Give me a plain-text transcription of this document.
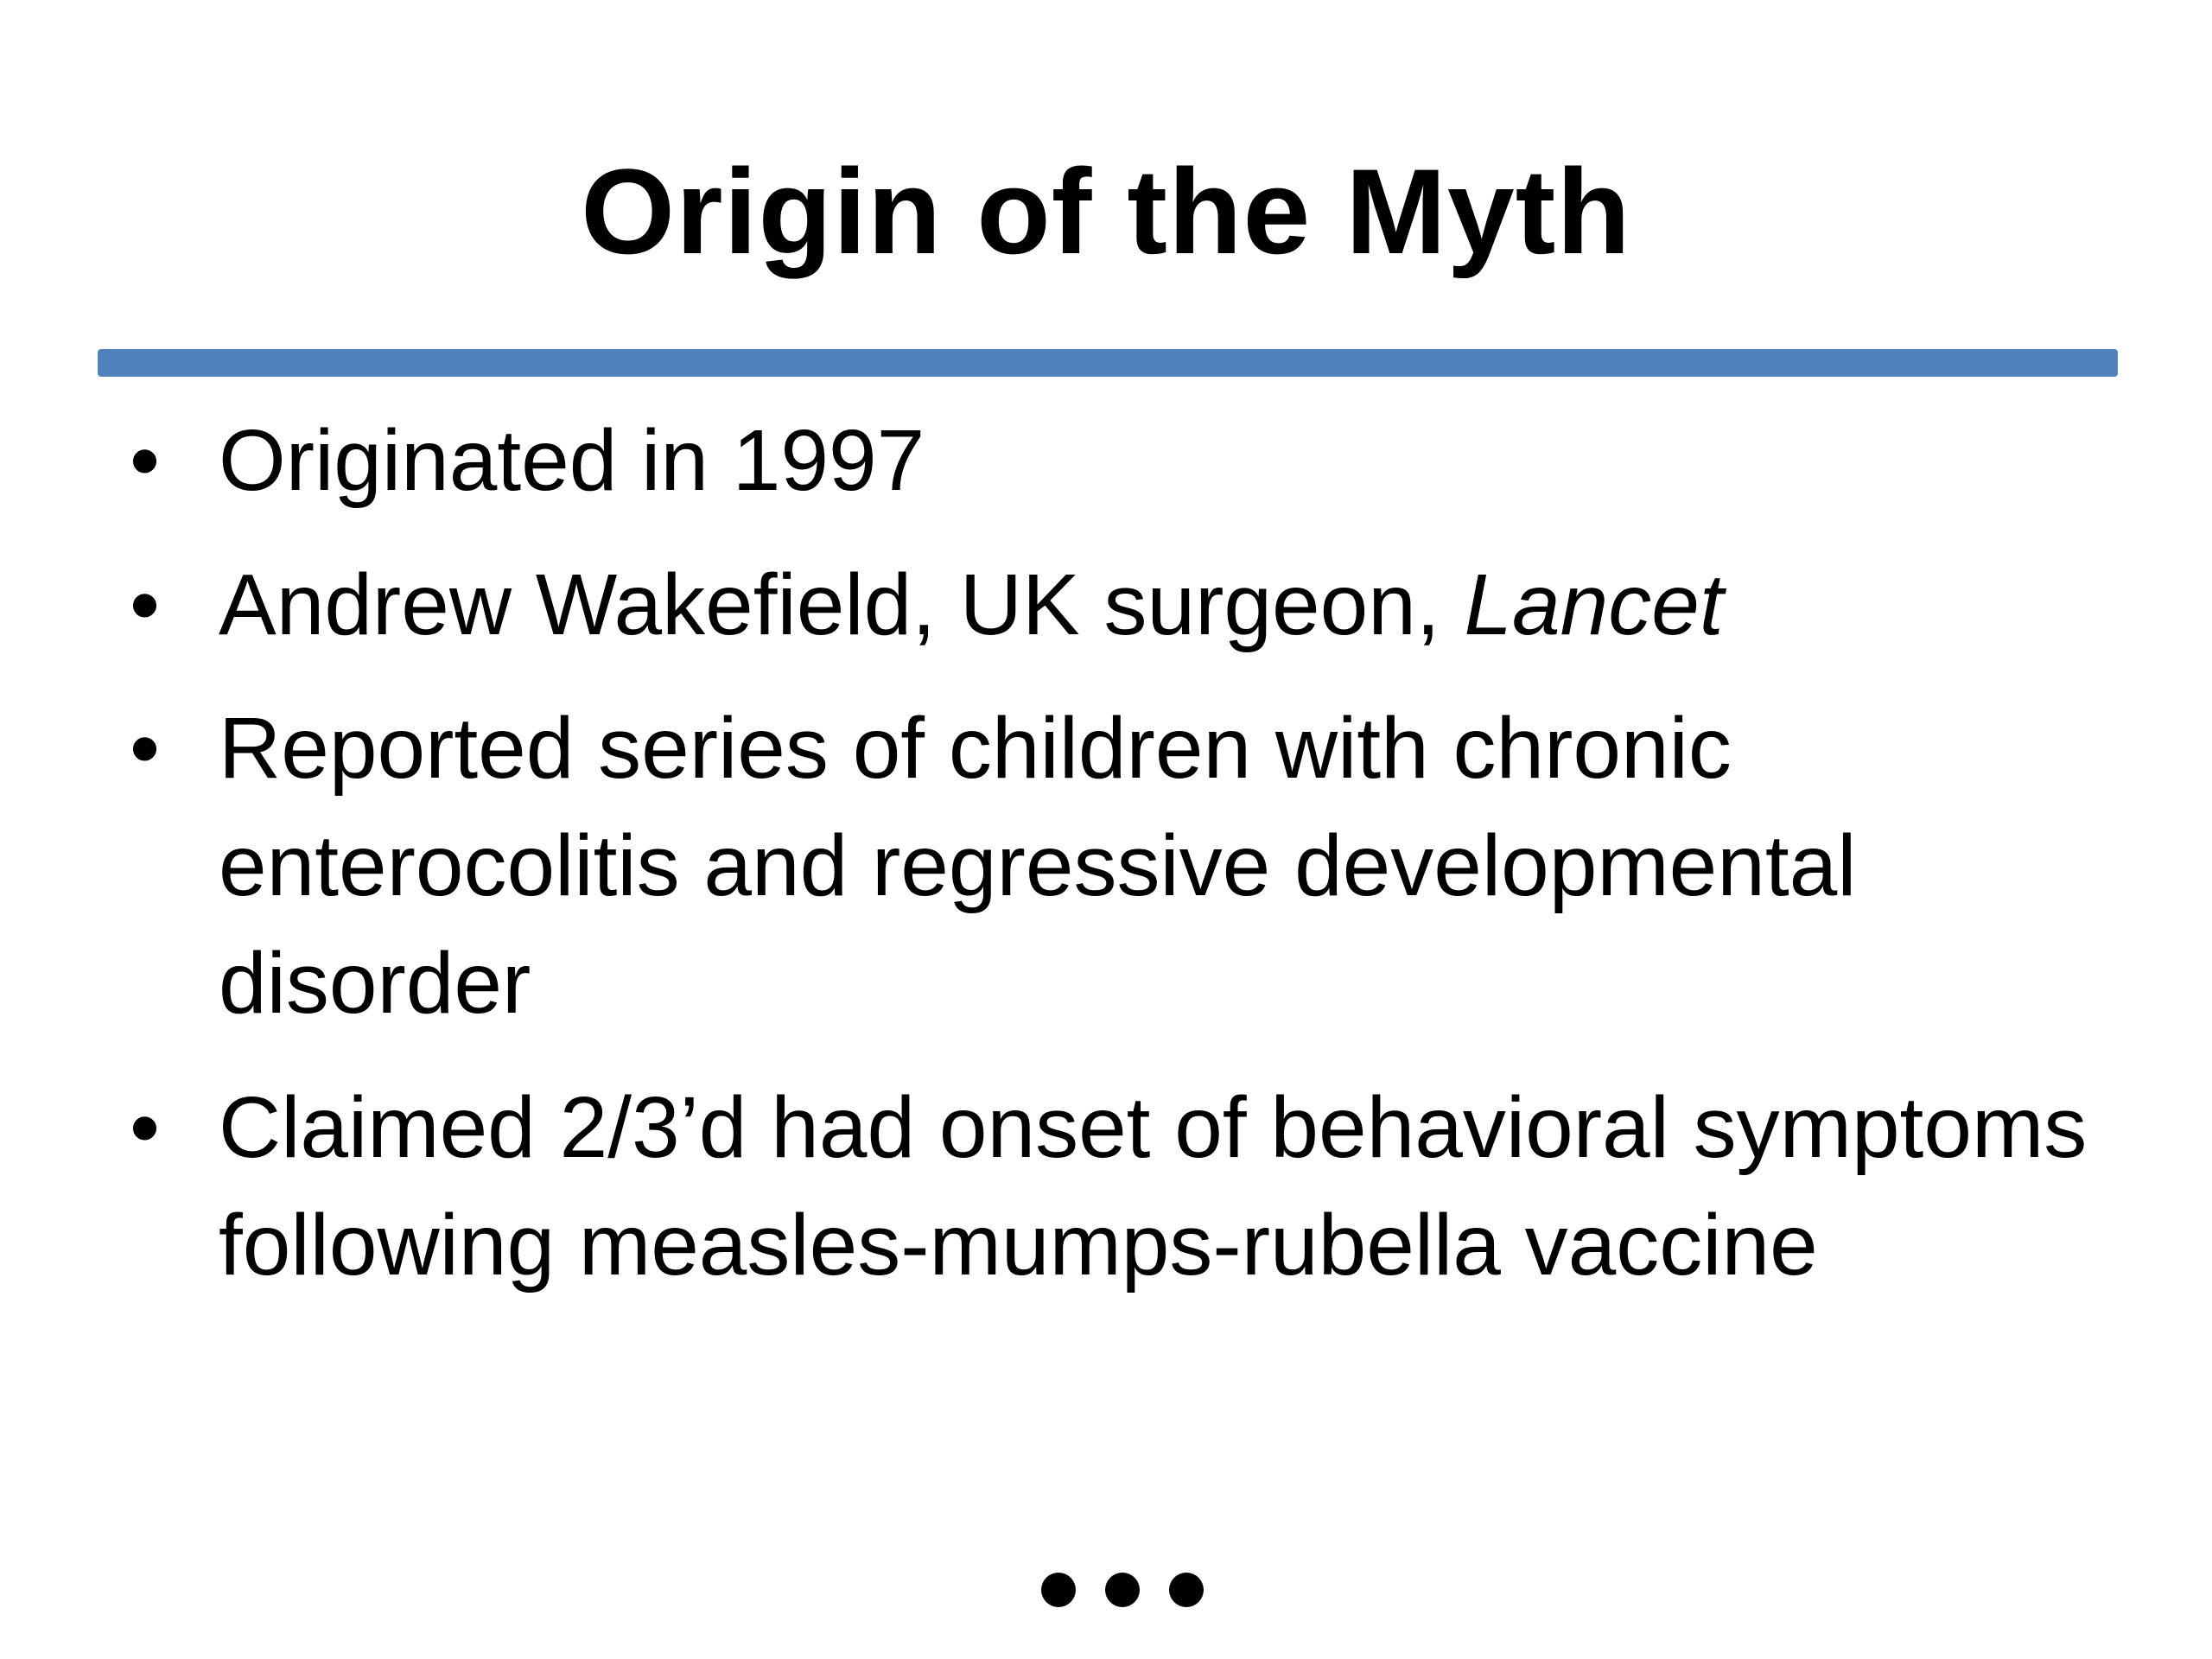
Origin of the Myth
• Originated in 1997
• Andrew Wakefield, UK surgeon, Lancet
• Reported series of children with chronic enterocolitis and regressive developmental disorder
• Claimed 2/3’d had onset of behavioral symptoms following measles-mumps-rubella vaccine
